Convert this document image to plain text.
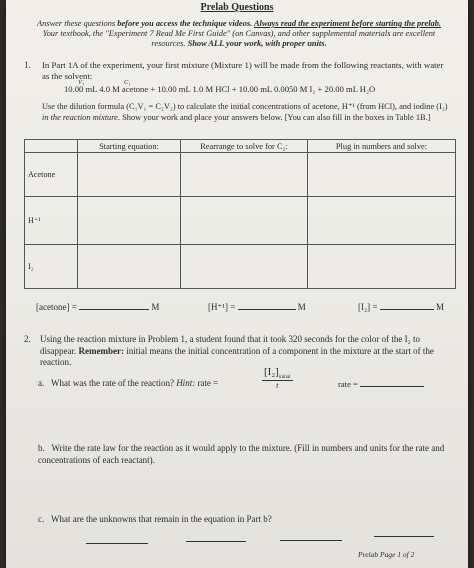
Prelab Questions
Answer these questions before you access the technique videos. Always read the experiment before starting the prelab. Your textbook, the "Experiment 7 Read Me First Guide" (on Canvas), and other supplemental materials are excellent resources. Show ALL your work, with proper units.
1. In Part 1A of the experiment, your first mixture (Mixture 1) will be made from the following reactants, with water as the solvent:
V₁	C₁
10.00 mL 4.0 M acetone + 10.00 mL 1.0 M HCl + 10.00 mL 0.0050 M I₂ + 20.00 mL H₂O
Use the dilution formula (C₁V₁ = C₂V₂) to calculate the initial concentrations of acetone, H⁺¹ (from HCl), and iodine (I₂) in the reaction mixture. Show your work and place your answers below. [You can also fill in the boxes in Table 1B.]
	Starting equation:	Rearrange to solve for C₂:	Plug in numbers and solve:
Acetone			
H⁺¹			
I₂			
[acetone] =	M	[H⁺¹] =	M	[I₂] =	M
2. Using the reaction mixture in Problem 1, a student found that it took 320 seconds for the color of the I₂ to disappear. Remember: initial means the initial concentration of a component in the mixture at the start of the reaction.
a. What was the rate of the reaction? Hint: rate =
$[I_2]_{initial}$
t	rate =
b. Write the rate law for the reaction as it would apply to the mixture. (Fill in numbers and units for the rate and concentrations of each reactant).
c. What are the unknowns that remain in the equation in Part b?
Prelab Page 1 of 2
